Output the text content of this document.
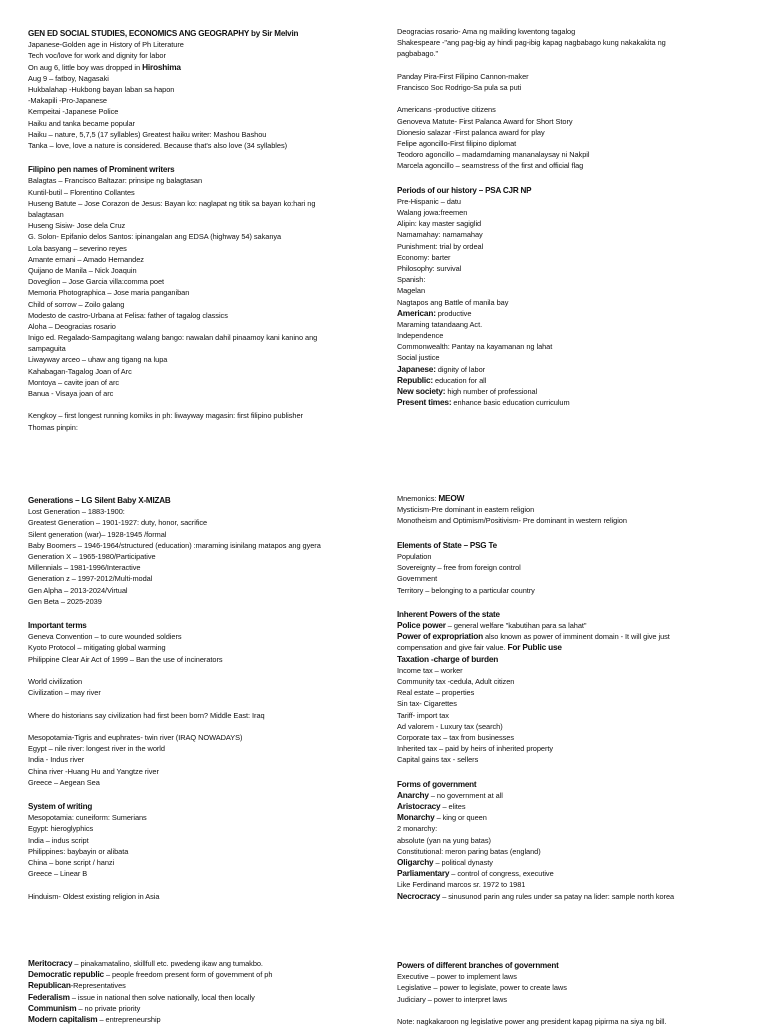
GEN ED SOCIAL STUDIES, ECONOMICS ANG GEOGRAPHY by Sir Melvin
Japanese-Golden age in History of Ph Literature
Tech voc/love for work and dignity for labor
On aug 6, little boy was dropped in Hiroshima
Aug 9 – fatboy, Nagasaki
Hukbalahap -Hukbong bayan laban sa hapon
-Makapili -Pro-Japanese
Kempeitai -Japanese Police
Haiku and tanka became popular
Haiku – nature, 5,7,5 (17 syllables) Greatest haiku writer: Mashou Bashou
Tanka – love, love a nature is considered. Because that's also love (34 syllables)
Filipino pen names of Prominent writers
Balagtas – Francisco Baltazar: prinsipe ng balagtasan
Kuntil-butil – Florentino Collantes
Huseng Batute – Jose Corazon de Jesus: Bayan ko: naglapat ng titik sa bayan ko:hari ng
balagtasan
Huseng Sisiw- Jose dela Cruz
G. Solon- Epifanio delos Santos: ipinangalan ang EDSA (highway 54) sakanya
Lola basyang – severino reyes
Amante ernani – Amado Hernandez
Quijano de Manila – Nick Joaquin
Doveglion – Jose Garcia villa:comma poet
Memoria Photographica – Jose maria panganiban
Child of sorrow – Zoilo galang
Modesto de castro-Urbana at Felisa: father of tagalog classics
Aloha – Deogracias rosario
Inigo ed. Regalado-Sampagitang walang bango: nawalan dahil pinaamoy kani kanino ang
sampaguita
Liwayway arceo – uhaw ang tigang na lupa
Kahabagan-Tagalog Joan of Arc
Montoya – cavite joan of arc
Banua - Visaya joan of arc
Kengkoy – first longest running komiks in ph: liwayway magasin: first filipino publisher
Thomas pinpin:
Deogracias rosario- Ama ng maikling kwentong tagalog
Shakespeare -"ang pag-big ay hindi pag-ibig kapag nagbabago kung nakakakita ng
pagbabago."
Panday Pira-First Filipino Cannon-maker
Francisco Soc Rodrigo-Sa pula sa puti
Americans -productive citizens
Genoveva Matute- First Palanca Award for Short Story
Dionesio salazar -First palanca award for play
Felipe agoncillo-First filipino diplomat
Teodoro agoncillo – madamdaming mananalaysay ni Nakpil
Marcela agoncillo – seamstress of the first and official flag
Periods of our history – PSA CJR NP
Pre-Hispanic – datu
Walang jowa:freemen
Alipin: kay master sagiglid
Namamahay: namamahay
Punishment: trial by ordeal
Economy: barter
Philosophy: survival
Spanish:
Magelan
Nagtapos ang Battle of manila bay
American: productive
Maraming tatandaang Act.
Independence
Commonwealth: Pantay na kayamanan ng lahat
Social justice
Japanese: dignity of labor
Republic: education for all
New society: high number of professional
Present times: enhance basic education curriculum
Generations – LG Silent Baby X-MIZAB
Lost Generation – 1883-1900:
Greatest Generation – 1901-1927: duty, honor, sacrifice
Silent generation (war)– 1928-1945 /formal
Baby Boomers – 1946-1964/structured (education) :maraming isinilang matapos ang gyera
Generation X – 1965-1980/Participative
Millennials – 1981-1996/Interactive
Generation z – 1997-2012/Multi-modal
Gen Alpha – 2013-2024/Virtual
Gen Beta – 2025-2039
Important terms
Geneva Convention – to cure wounded soldiers
Kyoto Protocol – mitigating global warming
Philippine Clear Air Act of 1999 – Ban the use of incinerators
World civilization
Civilization – may river
Where do historians say civilization had first been born? Middle East: Iraq
Mesopotamia-Tigris and euphrates- twin river (IRAQ NOWADAYS)
Egypt – nile river: longest river in the world
India - Indus river
China river -Huang Hu and Yangtze river
Greece – Aegean Sea
System of writing
Mesopotamia: cuneiform: Sumerians
Egypt: hieroglyphics
India – indus script
Philippines: baybayin or alibata
China – bone script / hanzi
Greece – Linear B
Hinduism- Oldest existing religion in Asia
Mnemonics: MEOW
Mysticism-Pre dominant in eastern religion
Monotheism and Optimism/Positivism- Pre dominant in western religion
Elements of State – PSG Te
Population
Sovereignty – free from foreign control
Government
Territory – belonging to a particular country
Inherent Powers of the state
Police power – general welfare "kabutihan para sa lahat"
Power of expropriation also known as power of imminent domain - It will give just
compensation and give fair value. For Public use
Taxation -charge of burden
Income tax – worker
Community tax -cedula, Adult citizen
Real estate – properties
Sin tax- Cigarettes
Tariff- import tax
Ad valorem - Luxury tax (search)
Corporate tax – tax from businesses
Inherited tax – paid by heirs of inherited property
Capital gains tax - sellers
Forms of government
Anarchy – no government at all
Aristocracy – elites
Monarchy – king or queen
2 monarchy:
absolute (yan na yung batas)
Constitutional: meron paring batas (england)
Oligarchy – political dynasty
Parliamentary – control of congress, executive
Like Ferdinand marcos sr. 1972 to 1981
Necrocracy – sinusunod parin ang rules under sa patay na lider: sample north korea
Meritocracy – pinakamatalino, skillfull etc. pwedeng ikaw ang tumakbo.
Democratic republic – people freedom present form of government of ph
Republican-Representatives
Federalism – issue in national then solve nationally, local then locally
Communism – no private priority
Modern capitalism – entrepreneurship
Powers of different branches of government
Executive – power to implement laws
Legislative – power to legislate, power to create laws
Judiciary – power to interpret laws
Note: nagkakaroon ng legislative power ang president kapag pipirma na siya ng bill.
